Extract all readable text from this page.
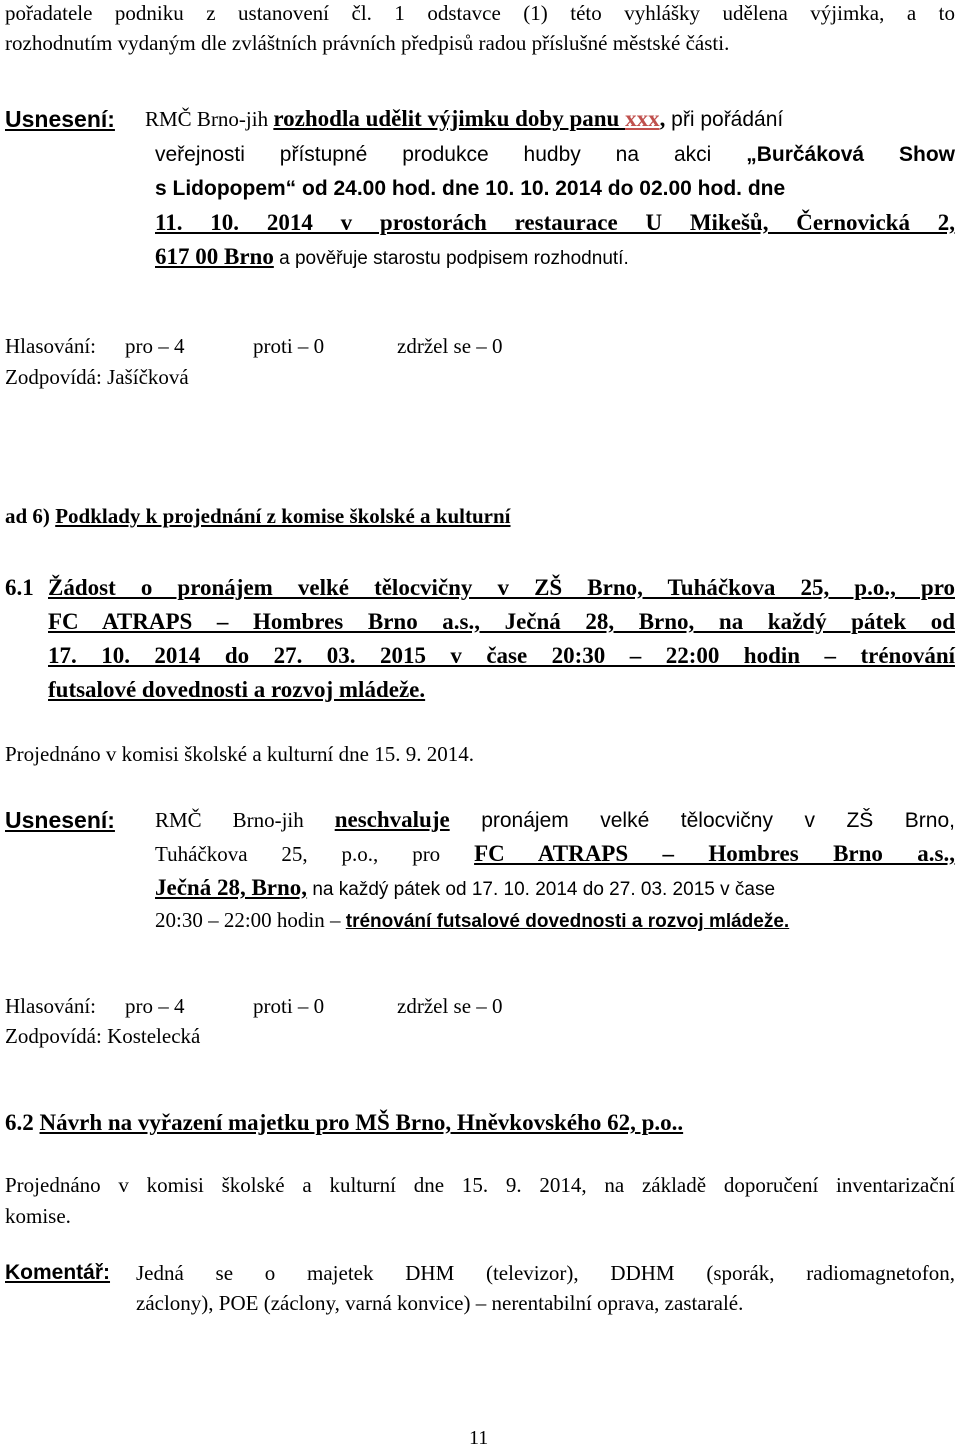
pořadatele podniku z ustanovení čl. 1 odstavce (1) této vyhlášky udělena výjimka, a to
rozhodnutím vydaným dle zvláštních právních předpisů radou příslušné městské části.
Usnesení: RMČ Brno-jih rozhodla udělit výjimku doby panu xxx, při pořádání
veřejnosti přístupné produkce hudby na akci „Burčáková Show
s Lidopopem“ od 24.00 hod. dne 10. 10. 2014 do 02.00 hod. dne
11. 10. 2014 v prostorách restaurace U Mikešů, Černovická 2,
617 00 Brno a pověřuje starostu podpisem rozhodnutí.
Hlasování: pro – 4	proti – 0	zdržel se – 0
Zodpovídá: Jašíčková
ad 6) Podklady k projednání z komise školské a kulturní
6.1 Žádost o pronájem velké tělocvičny v ZŠ Brno, Tuháčkova 25, p.o., pro
FC ATRAPS – Hombres Brno a.s., Ječná 28, Brno, na každý pátek od
17. 10. 2014 do 27. 03. 2015 v čase 20:30 – 22:00 hodin – trénování
futsalové dovednosti a rozvoj mládeže.
Projednáno v komisi školské a kulturní dne 15. 9. 2014.
Usnesení: RMČ Brno-jih neschvaluje pronájem velké tělocvičny v ZŠ Brno,
Tuháčkova 25, p.o., pro FC ATRAPS – Hombres Brno a.s.,
Ječná 28, Brno, na každý pátek od 17. 10. 2014 do 27. 03. 2015 v čase
20:30 – 22:00 hodin – trénování futsalové dovednosti a rozvoj mládeže.
Hlasování: pro – 4	proti – 0	zdržel se – 0
Zodpovídá: Kostelecká
6.2 Návrh na vyřazení majetku pro MŠ Brno, Hněvkovského 62, p.o..
Projednáno v komisi školské a kulturní dne 15. 9. 2014, na základě doporučení inventarizační
komise.
Komentář: Jedná se o majetek DHM (televizor), DDHM (sporák, radiomagnetofon,
záclony), POE (záclony, varná konvice) – nerentabilní oprava, zastaralé.
11
